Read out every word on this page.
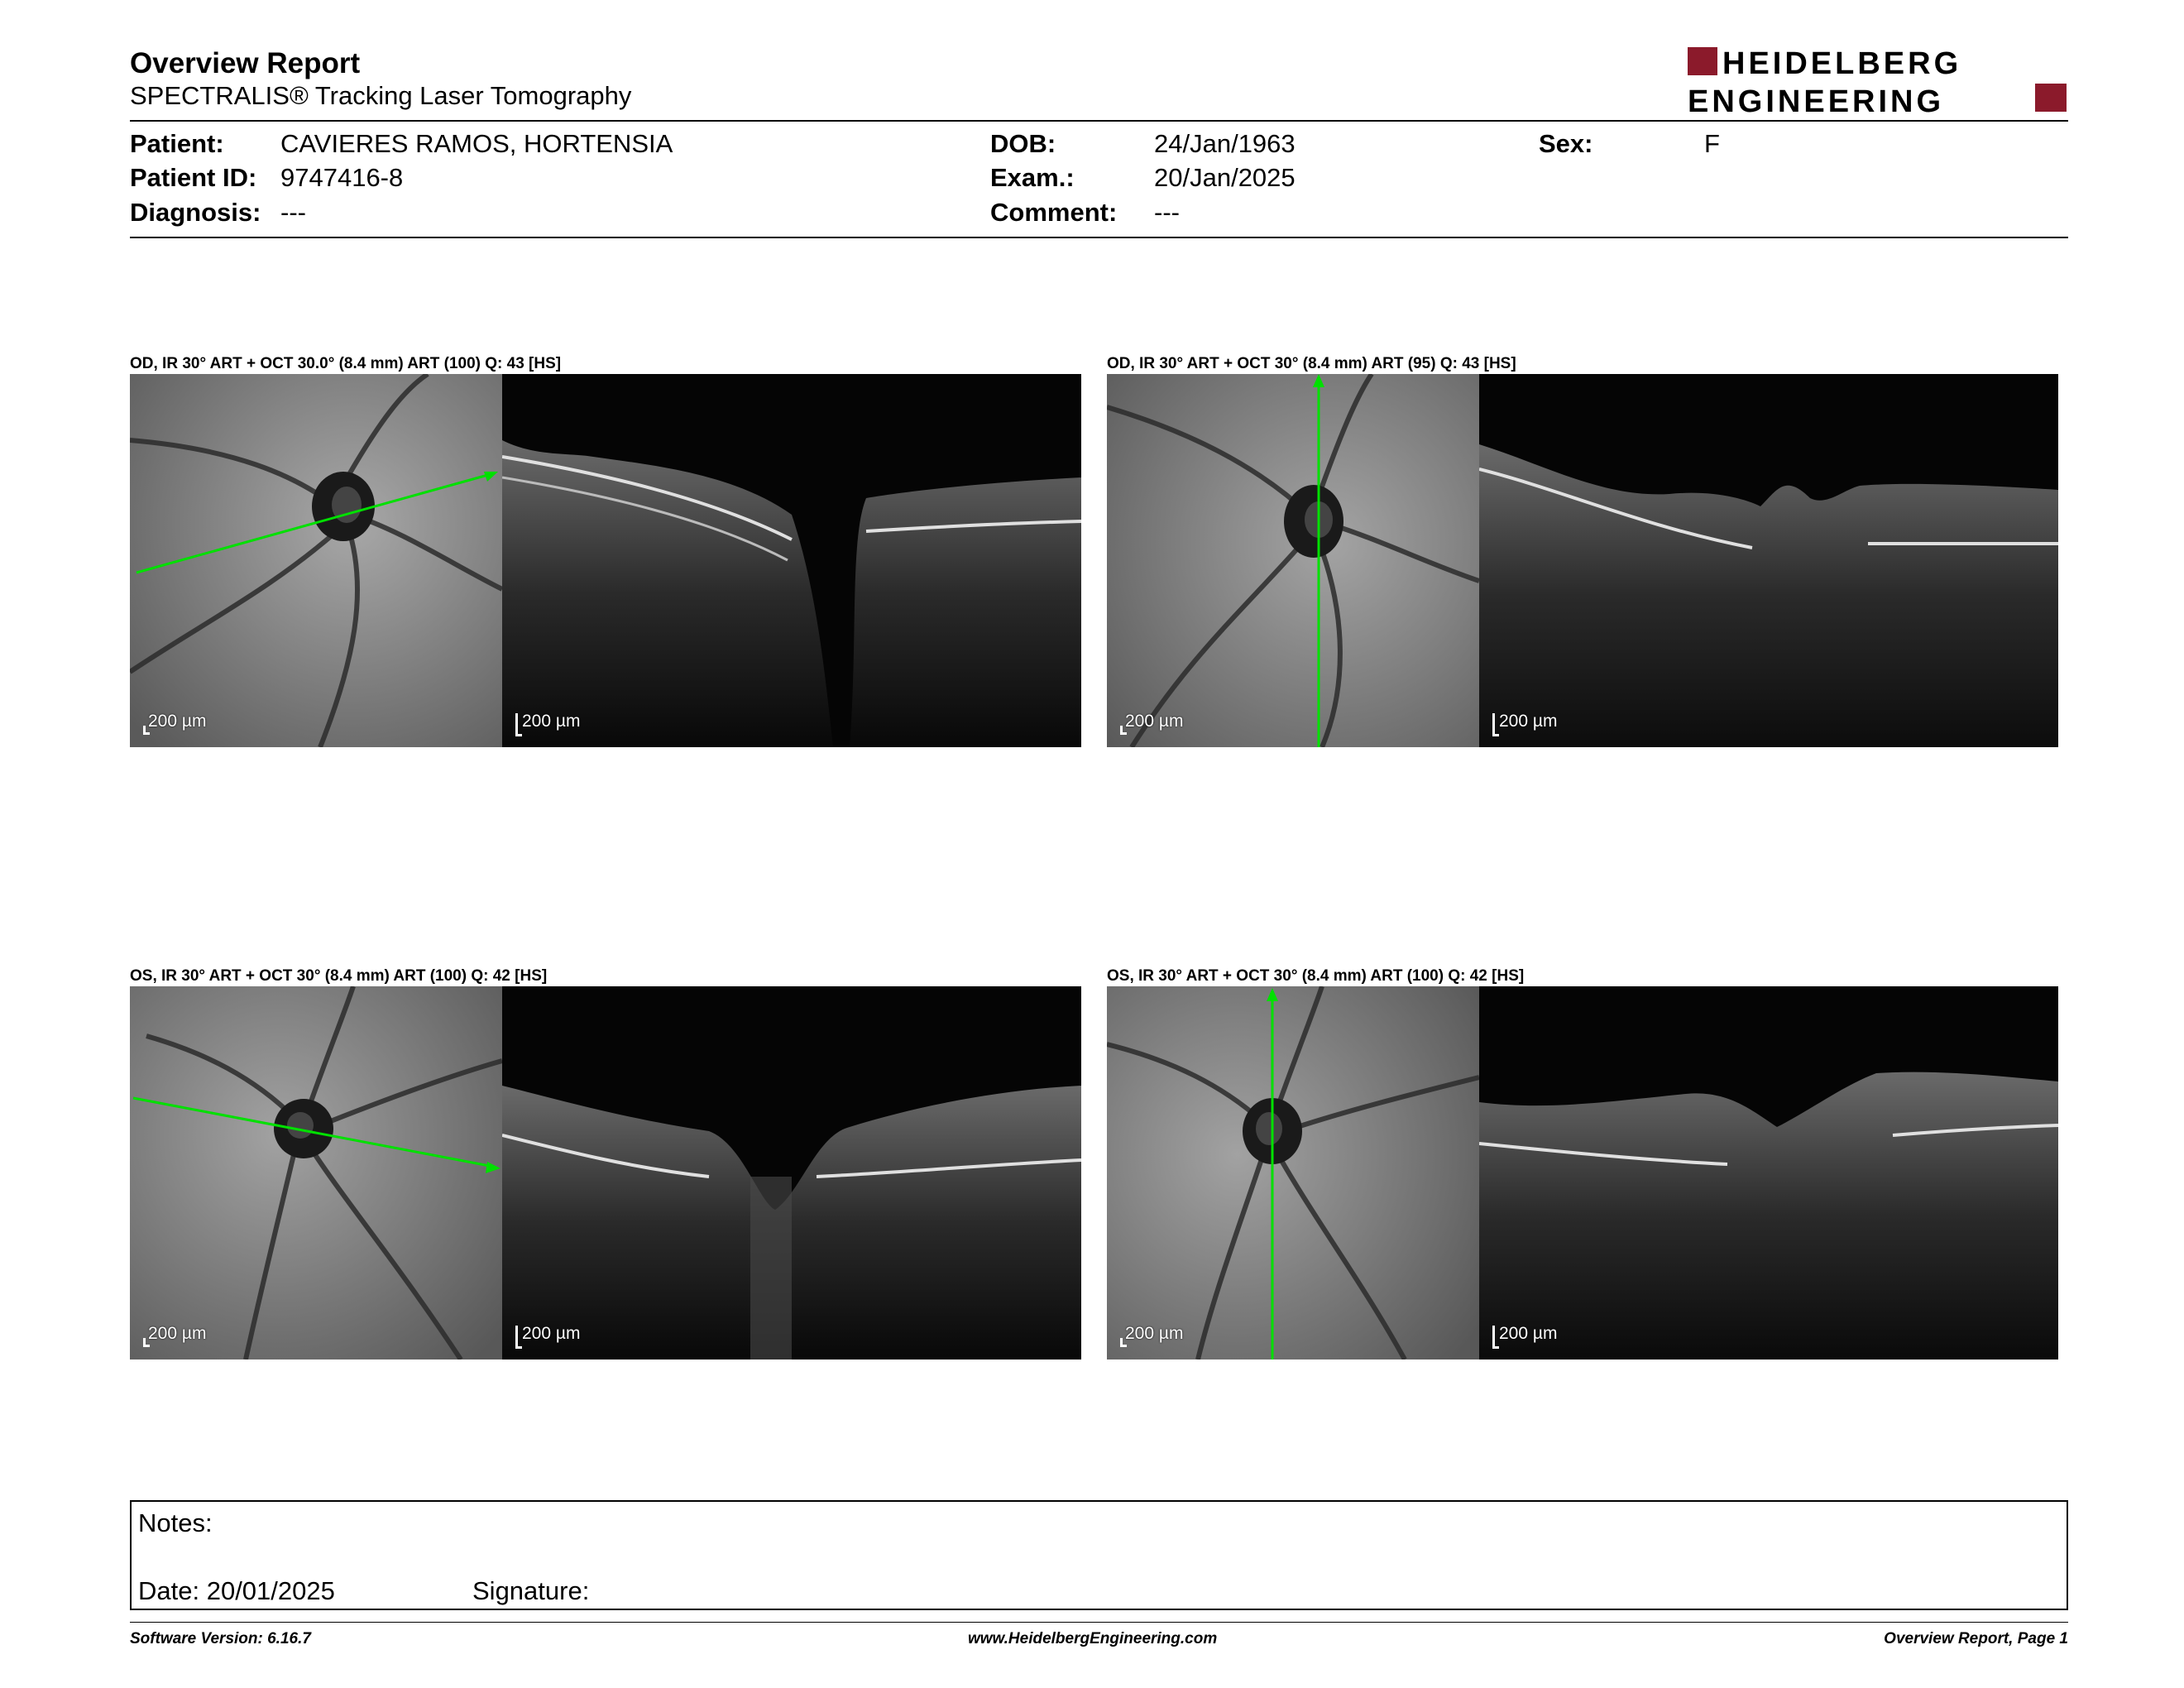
Overview Report
SPECTRALIS® Tracking Laser Tomography
HEIDELBERG
ENGINEERING
Patient: CAVIERES RAMOS, HORTENSIA
Patient ID: 9747416-8
Diagnosis: ---
DOB:	24/Jan/1963
Exam.:	20/Jan/2025
Comment: ---
Sex:	F
OD, IR 30° ART + OCT 30.0° (8.4 mm) ART (100) Q: 43 [HS]
200 µm	200 µm
OD, IR 30° ART + OCT 30° (8.4 mm) ART (95) Q: 43 [HS]
200 µm	200 µm
OS, IR 30° ART + OCT 30° (8.4 mm) ART (100) Q: 42 [HS]
200 µm	200 µm
OS, IR 30° ART + OCT 30° (8.4 mm) ART (100) Q: 42 [HS]
200 µm	200 µm
Notes:
Date: 20/01/2025	Signature:
Software Version: 6.16.7	www.HeidelbergEngineering.com	Overview Report, Page 1
